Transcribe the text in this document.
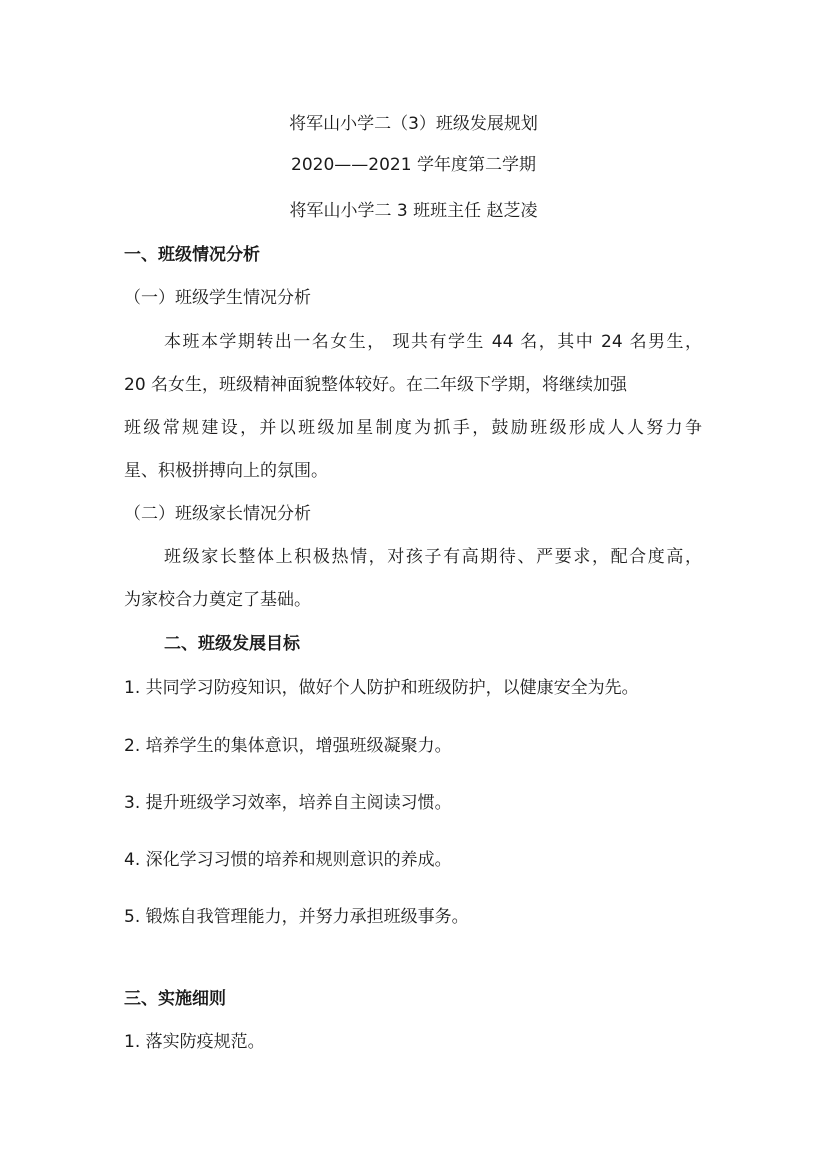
将军山小学二（3）班级发展规划
2020——2021 学年度第二学期
将军山小学二 3 班班主任 赵芝凌
一、班级情况分析
（一）班级学生情况分析
本班本学期转出一名女生， 现共有学生 44 名，其中 24 名男生，
20 名女生，班级精神面貌整体较好。在二年级下学期，将继续加强
班级常规建设，并以班级加星制度为抓手，鼓励班级形成人人努力争
星、积极拼搏向上的氛围。
（二）班级家长情况分析
班级家长整体上积极热情，对孩子有高期待、严要求，配合度高，
为家校合力奠定了基础。
二、班级发展目标
1. 共同学习防疫知识，做好个人防护和班级防护，以健康安全为先。
2. 培养学生的集体意识，增强班级凝聚力。
3. 提升班级学习效率，培养自主阅读习惯。
4. 深化学习习惯的培养和规则意识的养成。
5. 锻炼自我管理能力，并努力承担班级事务。
三、实施细则
1. 落实防疫规范。
